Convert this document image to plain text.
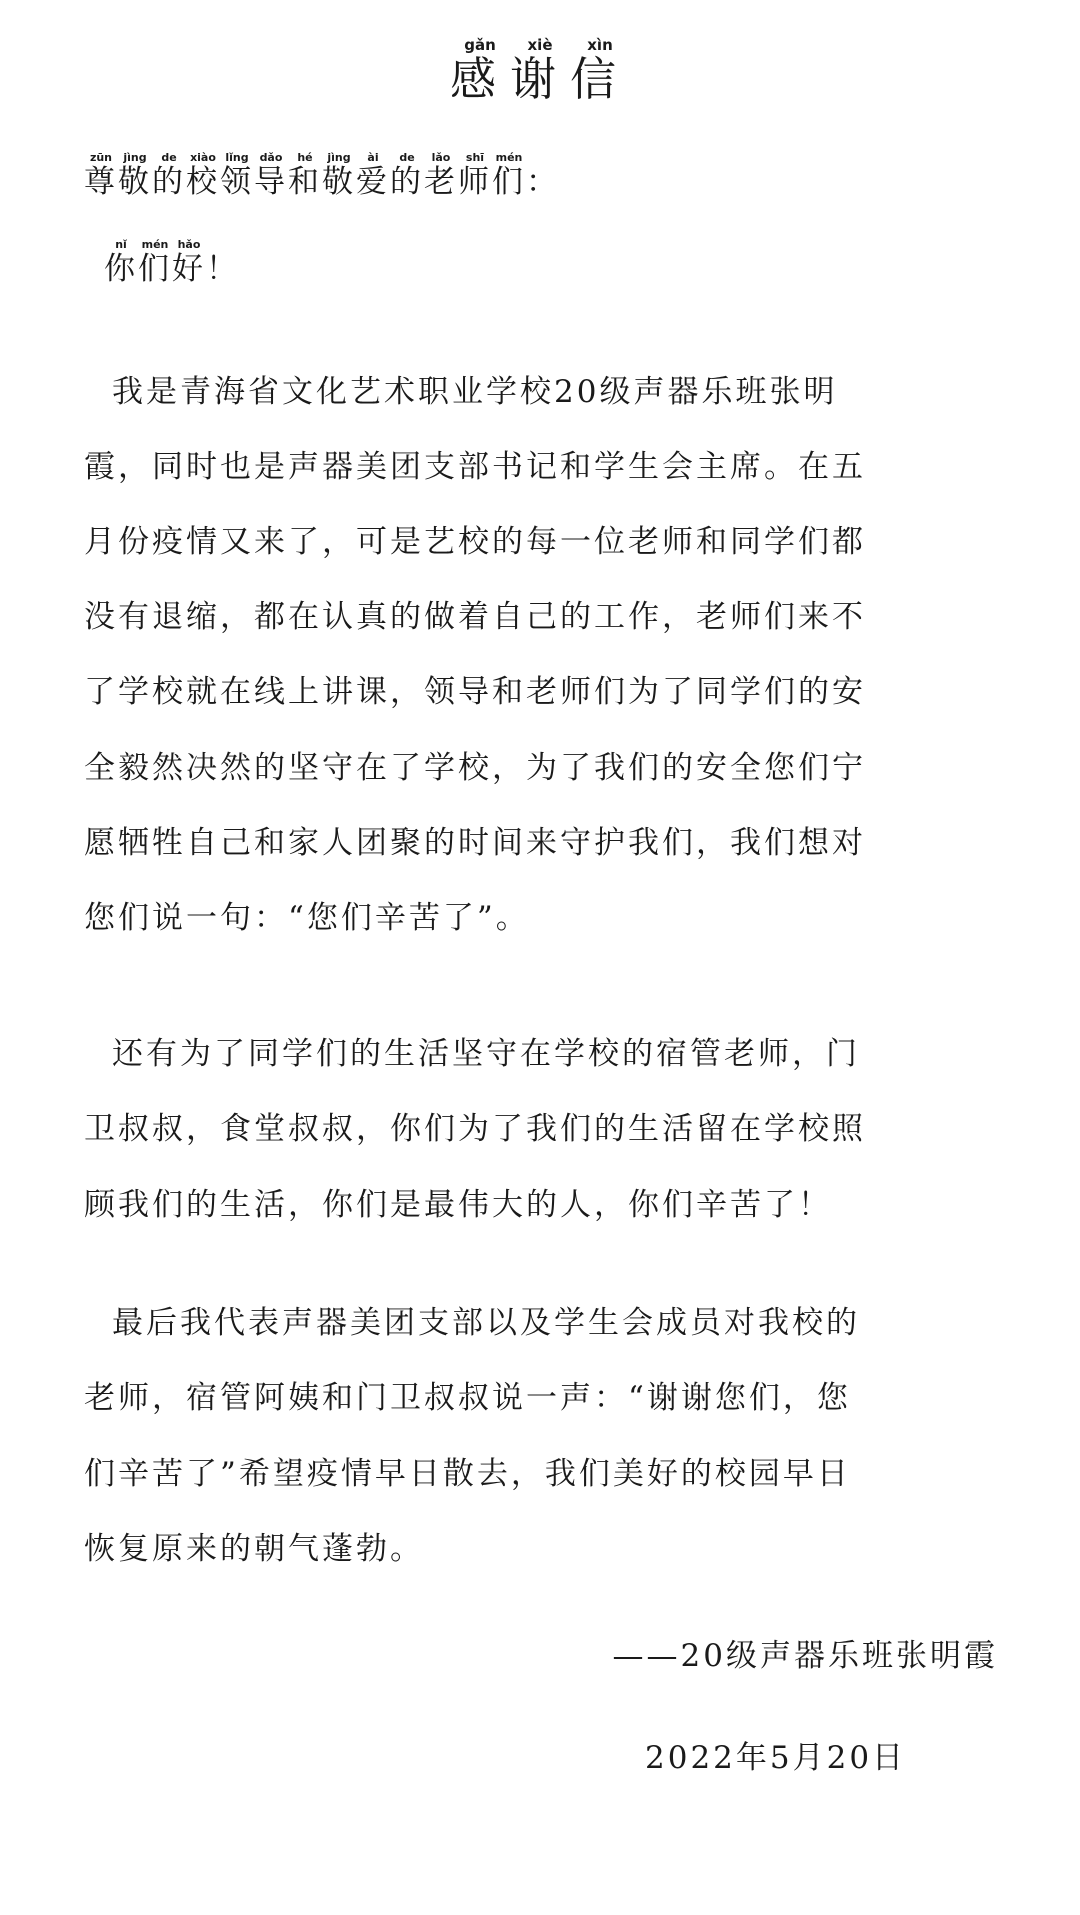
感gǎn谢xiè信xìn
尊zūn敬jìng的de校xiào领lǐng导dǎo和hé敬jìng爱ài的de老lǎo师shī们mén：
你nǐ们mén好hǎo！
我是青海省文化艺术职业学校20级声器乐班张明
霞，同时也是声器美团支部书记和学生会主席。在五
月份疫情又来了，可是艺校的每一位老师和同学们都
没有退缩，都在认真的做着自己的工作，老师们来不
了学校就在线上讲课，领导和老师们为了同学们的安
全毅然决然的坚守在了学校，为了我们的安全您们宁
愿牺牲自己和家人团聚的时间来守护我们，我们想对
您们说一句：“您们辛苦了”。
还有为了同学们的生活坚守在学校的宿管老师，门
卫叔叔，食堂叔叔，你们为了我们的生活留在学校照
顾我们的生活，你们是最伟大的人，你们辛苦了！
最后我代表声器美团支部以及学生会成员对我校的
老师，宿管阿姨和门卫叔叔说一声：“谢谢您们，您
们辛苦了”希望疫情早日散去，我们美好的校园早日
恢复原来的朝气蓬勃。
——20级声器乐班张明霞
2022年5月20日
